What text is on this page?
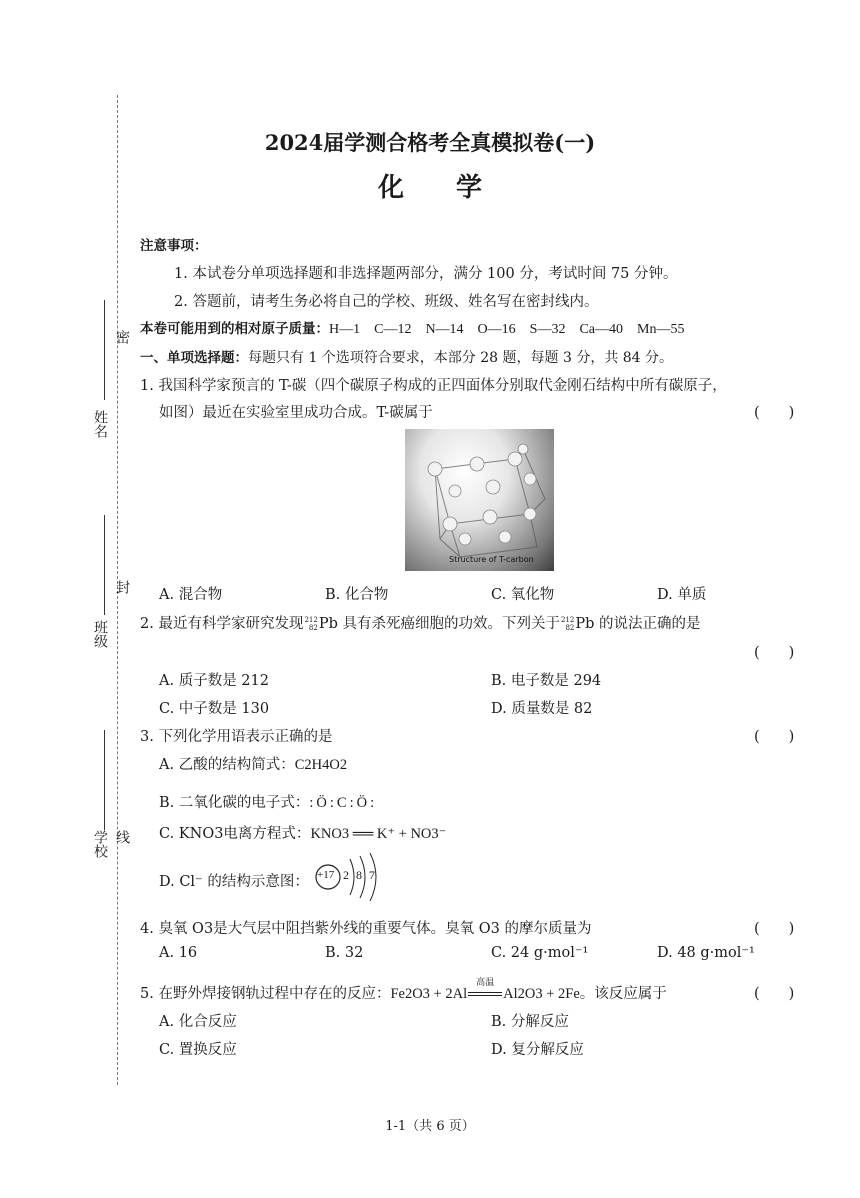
姓名
密
班级
封
学校 线
2024届学测合格考全真模拟卷(一)
化　　学
注意事项：
1. 本试卷分单项选择题和非选择题两部分，满分 100 分，考试时间 75 分钟。
2. 答题前，请考生务必将自己的学校、班级、姓名写在密封线内。
本卷可能用到的相对原子质量：H—1　C—12　N—14　O—16　S—32　Ca—40　Mn—55
一、单项选择题：每题只有 1 个选项符合要求，本部分 28 题，每题 3 分，共 84 分。
1. 我国科学家预言的 T-碳（四个碳原子构成的正四面体分别取代金刚石结构中所有碳原子，
如图）最近在实验室里成功合成。T-碳属于	(　　)
Structure of T-carbon
A. 混合物	B. 化合物	C. 氧化物	D. 单质
2. 最近有科学家研究发现 212
82 Pb 具有杀死癌细胞的功效。下列关于 212
82 Pb 的说法正确的是
(　　)
A. 质子数是 212	B. 电子数是 294
C. 中子数是 130	D. 质量数是 82
3. 下列化学用语表示正确的是	(　　)
A. 乙酸的结构简式：C2H4O2
B. 二氧化碳的电子式：:Ö:C:Ö:
C. KNO3电离方程式：KNO3 ══ K⁺ + NO3⁻
D. Cl⁻ 的结构示意图： +17 2 8 7
4. 臭氧 O3是大气层中阻挡紫外线的重要气体。臭氧 O3 的摩尔质量为	(　　)
A. 16	B. 32	C. 24 g·mol⁻¹	D. 48 g·mol⁻¹
5. 在野外焊接钢轨过程中存在的反应：Fe2O3 + 2Al
高温
Al2O3 + 2Fe。该反应属于	(　　)
A. 化合反应	B. 分解反应
C. 置换反应	D. 复分解反应
1-1（共 6 页）
